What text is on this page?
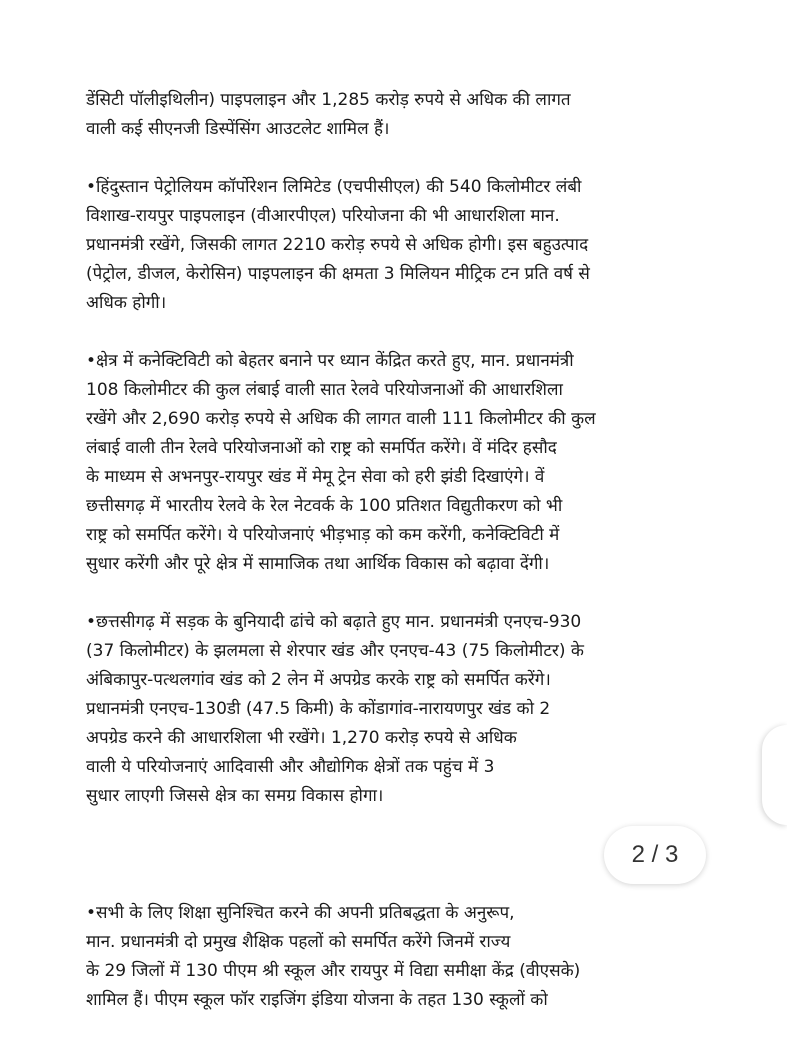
डेंसिटी पॉलीइथिलीन) पाइपलाइन और 1,285 करोड़ रुपये से अधिक की लागत
वाली कई सीएनजी डिस्पेंसिंग आउटलेट शामिल हैं।
•हिंदुस्तान पेट्रोलियम कॉर्पोरेशन लिमिटेड (एचपीसीएल) की 540 किलोमीटर लंबी
विशाख-रायपुर पाइपलाइन (वीआरपीएल) परियोजना की भी आधारशिला मान.
प्रधानमंत्री रखेंगे, जिसकी लागत 2210 करोड़ रुपये से अधिक होगी। इस बहुउत्पाद
(पेट्रोल, डीजल, केरोसिन) पाइपलाइन की क्षमता 3 मिलियन मीट्रिक टन प्रति वर्ष से
अधिक होगी।
•क्षेत्र में कनेक्टिविटी को बेहतर बनाने पर ध्यान केंद्रित करते हुए, मान. प्रधानमंत्री
108 किलोमीटर की कुल लंबाई वाली सात रेलवे परियोजनाओं की आधारशिला
रखेंगे और 2,690 करोड़ रुपये से अधिक की लागत वाली 111 किलोमीटर की कुल
लंबाई वाली तीन रेलवे परियोजनाओं को राष्ट्र को समर्पित करेंगे। वें मंदिर हसौद
के माध्यम से अभनपुर-रायपुर खंड में मेमू ट्रेन सेवा को हरी झंडी दिखाएंगे। वें
छत्तीसगढ़ में भारतीय रेलवे के रेल नेटवर्क के 100 प्रतिशत विद्युतीकरण को भी
राष्ट्र को समर्पित करेंगे। ये परियोजनाएं भीड़भाड़ को कम करेंगी, कनेक्टिविटी में
सुधार करेंगी और पूरे क्षेत्र में सामाजिक तथा आर्थिक विकास को बढ़ावा देंगी।
•छत्तसीगढ़ में सड़क के बुनियादी ढांचे को बढ़ाते हुए मान. प्रधानमंत्री एनएच-930
(37 किलोमीटर) के झलमला से शेरपार खंड और एनएच-43 (75 किलोमीटर) के
अंबिकापुर-पत्थलगांव खंड को 2 लेन में अपग्रेड करके राष्ट्र को समर्पित करेंगे।
प्रधानमंत्री एनएच-130डी (47.5 किमी) के कोंडागांव-नारायणपुर खंड को 2
अपग्रेड करने की आधारशिला भी रखेंगे। 1,270 करोड़ रुपये से अधिक
वाली ये परियोजनाएं आदिवासी और औद्योगिक क्षेत्रों तक पहुंच में 3
सुधार लाएगी जिससे क्षेत्र का समग्र विकास होगा।
2 / 3
•सभी के लिए शिक्षा सुनिश्चित करने की अपनी प्रतिबद्धता के अनुरूप,
मान. प्रधानमंत्री दो प्रमुख शैक्षिक पहलों को समर्पित करेंगे जिनमें राज्य
के 29 जिलों में 130 पीएम श्री स्कूल और रायपुर में विद्या समीक्षा केंद्र (वीएसके)
शामिल हैं। पीएम स्कूल फॉर राइजिंग इंडिया योजना के तहत 130 स्कूलों को
